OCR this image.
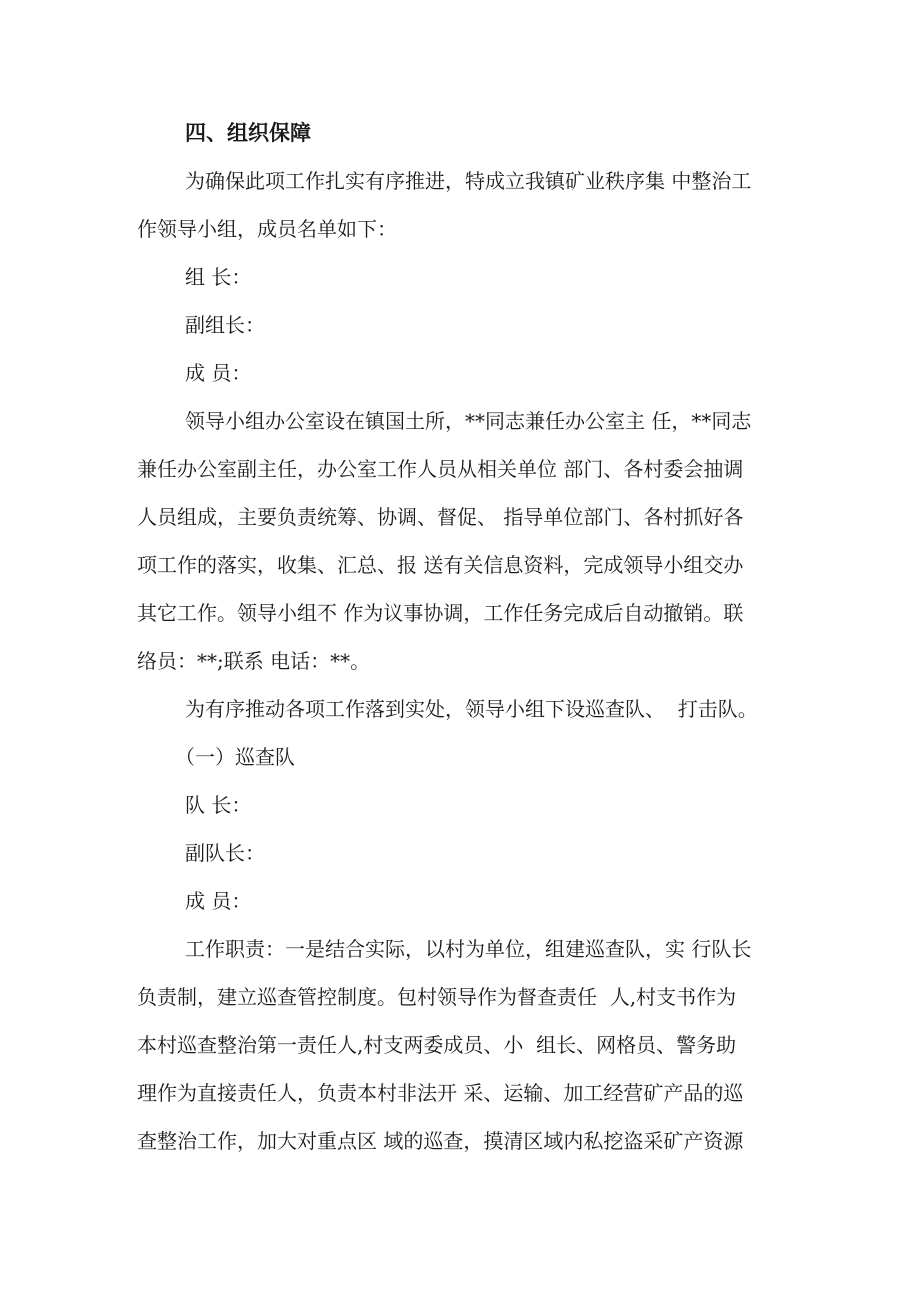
四、组织保障
为确保此项工作扎实有序推进，特成立我镇矿业秩序集 中整治工
作领导小组，成员名单如下：
组 长：
副组长：
成 员：
领导小组办公室设在镇国土所，**同志兼任办公室主 任，**同志
兼任办公室副主任，办公室工作人员从相关单位 部门、各村委会抽调
人员组成，主要负责统筹、协调、督促、 指导单位部门、各村抓好各
项工作的落实，收集、汇总、报 送有关信息资料，完成领导小组交办
其它工作。领导小组不 作为议事协调，工作任务完成后自动撤销。联
络员：**;联系 电话：**。
为有序推动各项工作落到实处，领导小组下设巡查队、  打击队。
（一）巡查队
队 长：
副队长：
成 员：
工作职责：一是结合实际，以村为单位，组建巡查队，实 行队长
负责制，建立巡查管控制度。包村领导作为督查责任  人,村支书作为
本村巡查整治第一责任人,村支两委成员、小  组长、网格员、警务助
理作为直接责任人，负责本村非法开 采、运输、加工经营矿产品的巡
查整治工作，加大对重点区 域的巡查，摸清区域内私挖盗采矿产资源
